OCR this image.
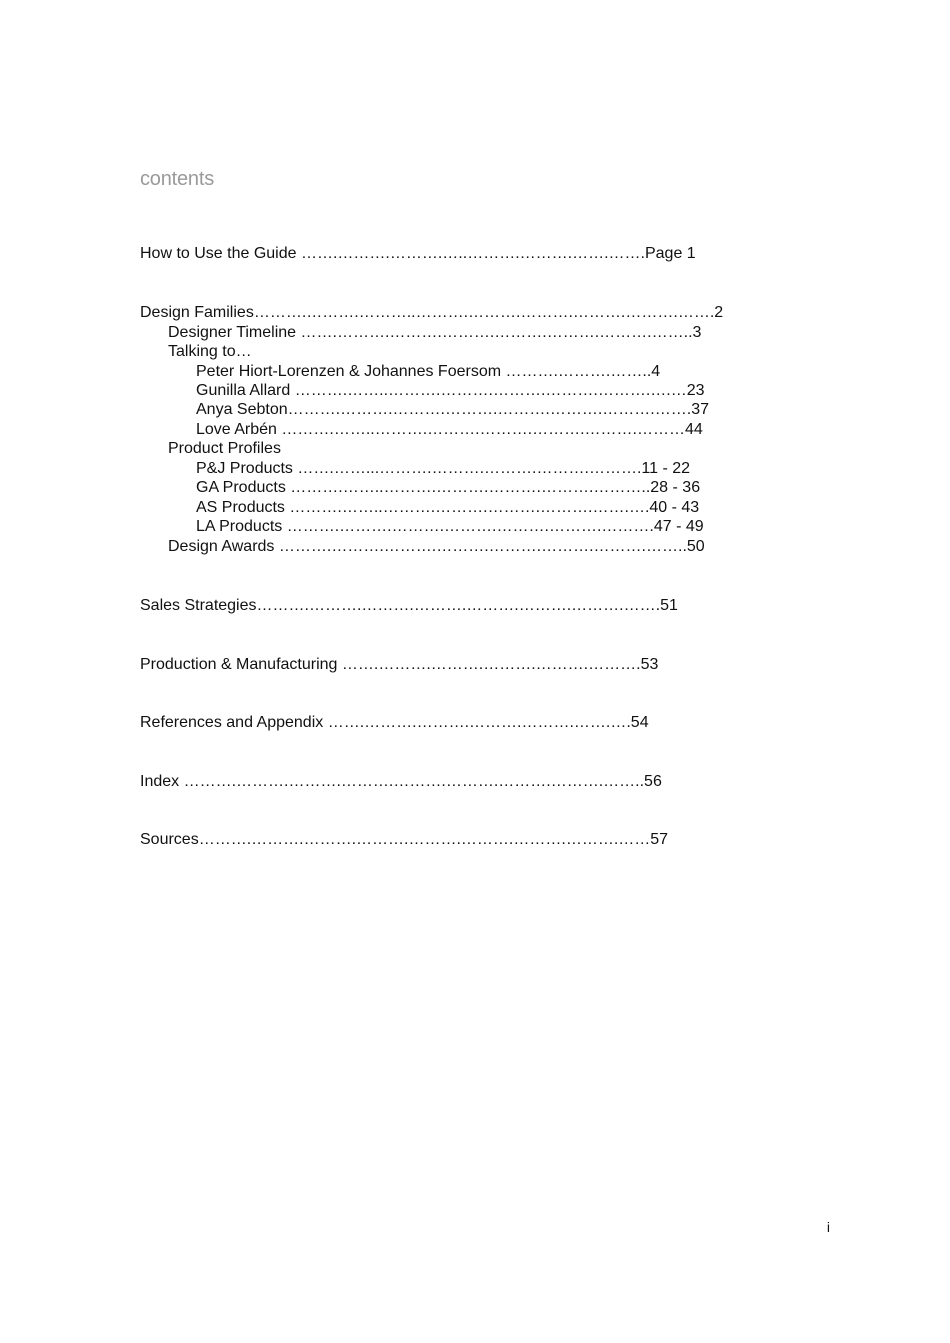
contents
How to Use the Guide …….……….……….…..……….……….…….…….Page 1
Design Families……….……….………..……….……….……….……….……….…….2
Designer Timeline …….……….……….……….……….……….……….……..3
Talking to…
Peter Hiort-Lorenzen & Johannes Foersom ……….……….……..4
Gunilla Allard ……….……..……….……….……….……….……….….…23
Anya Sebton……….……….……….……….……….……….……….…….37
Love Arbén ……….……..……….……….……….……….……….………44
Product Profiles
P&J Products …….……...……….……….……….……….……….11 - 22
GA Products ……….……..……….……….……….……….………..28 - 36
AS Products ……….……..……….……….……….……….…….….40 - 43
LA Products ……….……….……….……….……….……….……….47 - 49
Design Awards ……….……….……….……….……….……….……….……..50
Sales Strategies……….……….……….……….……….……….……….…….51
Production & Manufacturing …….……….……….……….……….……….53
References and Appendix …….……….……….……….……….…….….54
Index ……….……….……….……….……….……….……….……….……..56
Sources……….……….……….……….……….……….……….……….……57
i
